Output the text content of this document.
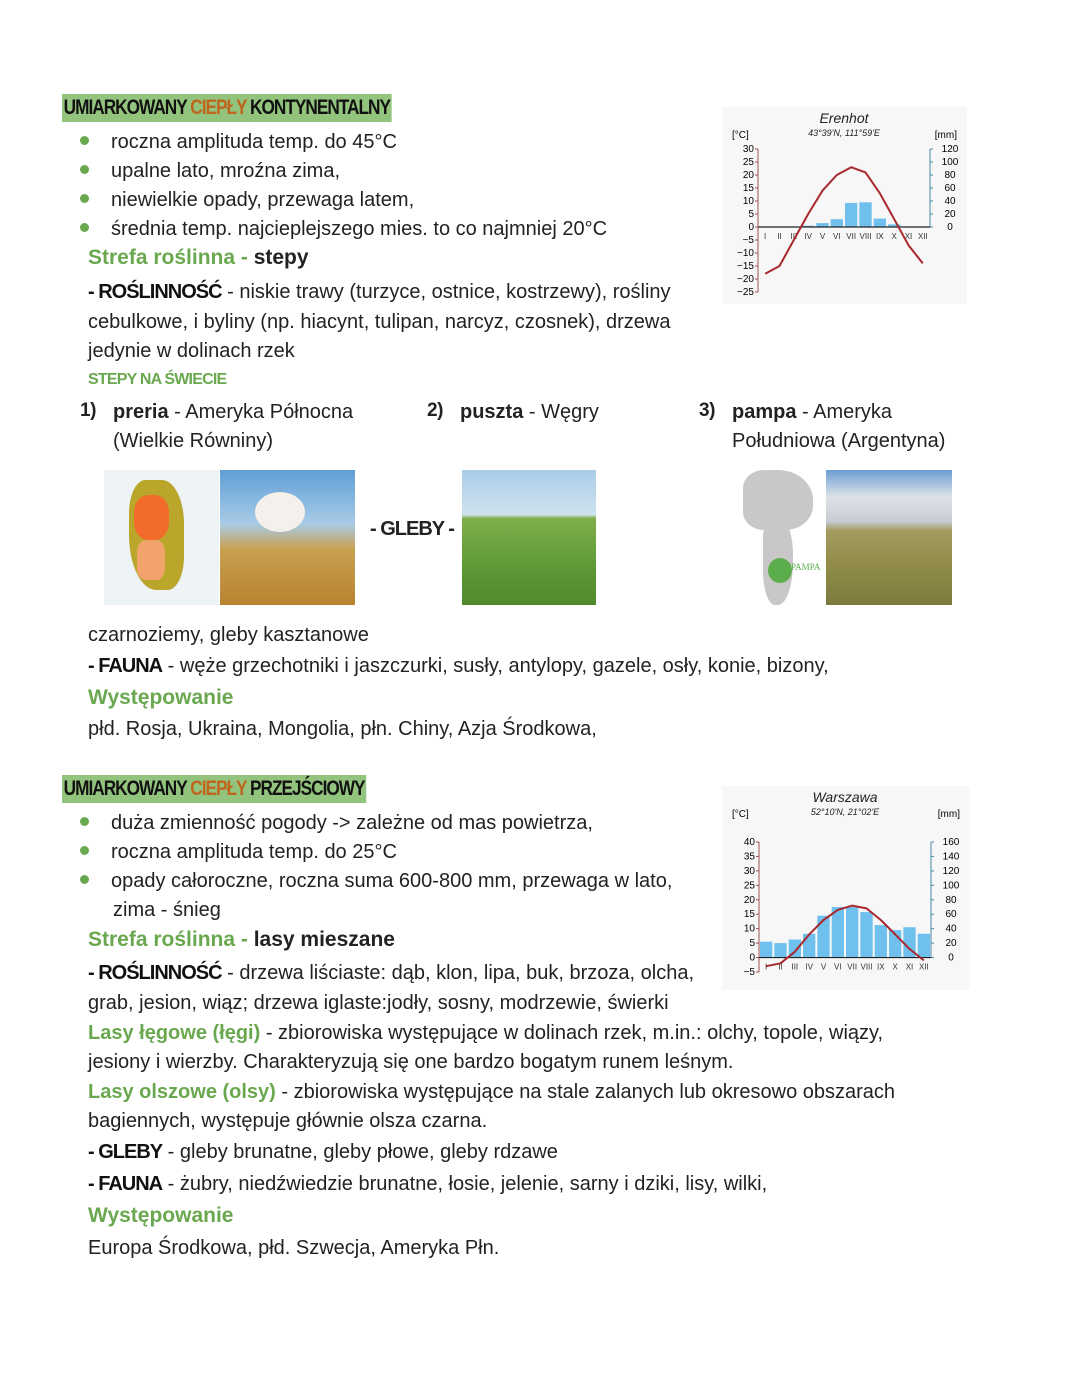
UMIARKOWANY CIEPŁY KONTYNENTALNY
roczna amplituda temp. do 45°C
upalne lato, mroźna zima,
niewielkie opady, przewaga latem,
średnia temp. najcieplejszego mies. to co najmniej 20°C
Strefa roślinna - stepy
- ROŚLINNOŚĆ - niskie trawy (turzyce, ostnice, kostrzewy), rośliny
cebulkowe, i byliny (np. hiacynt, tulipan, narcyz, czosnek), drzewa
jedynie w dolinach rzek
STEPY NA ŚWIECIE
1) preria - Ameryka Północna
(Wielkie Równiny)
2) puszta - Węgry	3) pampa - Ameryka
Południowa (Argentyna)
- GLEBY -
PAMPA
czarnoziemy, gleby kasztanowe
- FAUNA - węże grzechotniki i jaszczurki, susły, antylopy, gazele, osły, konie, bizony,
Występowanie
płd. Rosja, Ukraina, Mongolia, płn. Chiny, Azja Środkowa,
Erenhot
43°39'N, 111°59'E
[°C]	[mm]
30
25
20
15
10
5
0
−5
−10
−15
−20
−25
120
100
80
60
40
20
0
I II III IV V VI VII VIII IX X XI XII
UMIARKOWANY CIEPŁY PRZEJŚCIOWY
duża zmienność pogody -> zależne od mas powietrza,
roczna amplituda temp. do 25°C
opady całoroczne, roczna suma 600-800 mm, przewaga w lato,
zima - śnieg
Strefa roślinna - lasy mieszane
- ROŚLINNOŚĆ - drzewa liściaste: dąb, klon, lipa, buk, brzoza, olcha,
grab, jesion, wiąz; drzewa iglaste:jodły, sosny, modrzewie, świerki
Lasy łęgowe (łęgi) - zbiorowiska występujące w dolinach rzek, m.in.: olchy, topole, wiązy,
jesiony i wierzby. Charakteryzują się one bardzo bogatym runem leśnym.
Lasy olszowe (olsy) - zbiorowiska występujące na stale zalanych lub okresowo obszarach
bagiennych, występuje głównie olsza czarna.
- GLEBY - gleby brunatne, gleby płowe, gleby rdzawe
- FAUNA - żubry, niedźwiedzie brunatne, łosie, jelenie, sarny i dziki, lisy, wilki,
Występowanie
Europa Środkowa, płd. Szwecja, Ameryka Płn.
Warszawa
52°10'N, 21°02'E
[°C]	[mm]
40
35
30
25
20
15
10
5
0
−5
160
140
120
100
80
60
40
20
0
I II III IV V VI VII VIII IX X XI XII
